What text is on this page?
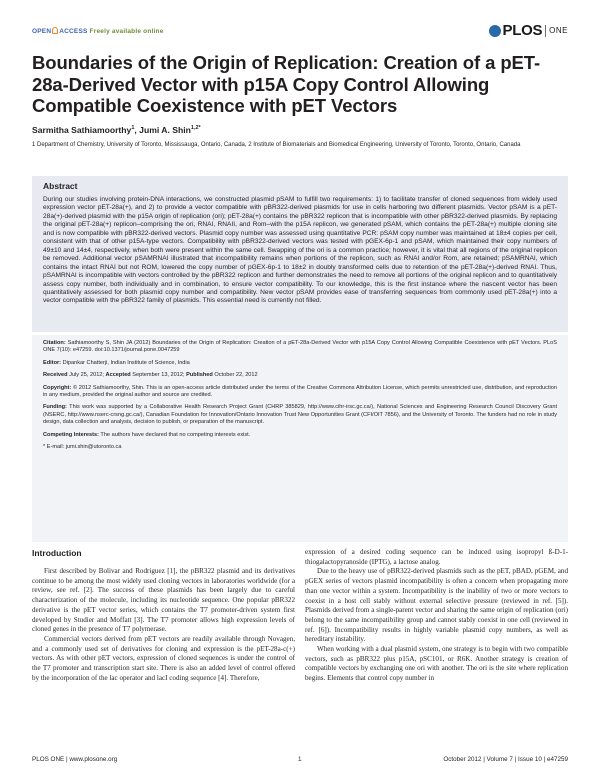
OPEN ACCESS Freely available online	PLOS ONE
Boundaries of the Origin of Replication: Creation of a pET-28a-Derived Vector with p15A Copy Control Allowing Compatible Coexistence with pET Vectors
Sarmitha Sathiamoorthy$^1$, Jumi A. Shin$^{1,2*}$
1 Department of Chemistry, University of Toronto, Mississauga, Ontario, Canada, 2 Institute of Biomaterials and Biomedical Engineering, University of Toronto, Toronto, Ontario, Canada
Abstract

During our studies involving protein-DNA interactions, we constructed plasmid pSAM to fulfill two requirements: 1) to facilitate transfer of cloned sequences from widely used expression vector pET-28a(+), and 2) to provide a vector compatible with pBR322-derived plasmids for use in cells harboring two different plasmids. Vector pSAM is a pET-28a(+)-derived plasmid with the p15A origin of replication (ori); pET-28a(+) contains the pBR322 replicon that is incompatible with other pBR322-derived plasmids. By replacing the original pET-28a(+) replicon–comprising the ori, RNAI, RNAII, and Rom–with the p15A replicon, we generated pSAM, which contains the pET-28a(+) multiple cloning site and is now compatible with pBR322-derived vectors. Plasmid copy number was assessed using quantitative PCR: pSAM copy number was maintained at 18±4 copies per cell, consistent with that of other p15A-type vectors. Compatibility with pBR322-derived vectors was tested with pGEX-6p-1 and pSAM, which maintained their copy numbers of 49±10 and 14±4, respectively, when both were present within the same cell. Swapping of the ori is a common practice; however, it is vital that all regions of the original replicon be removed. Additional vector pSAMRNAI illustrated that incompatibility remains when portions of the replicon, such as RNAI and/or Rom, are retained; pSAMRNAI, which contains the intact RNAI but not ROM, lowered the copy number of pGEX-6p-1 to 18±2 in doubly transformed cells due to retention of the pET-28a(+)-derived RNAI. Thus, pSAMRNAI is incompatible with vectors controlled by the pBR322 replicon and further demonstrates the need to remove all portions of the original replicon and to quantitatively assess copy number, both individually and in combination, to ensure vector compatibility. To our knowledge, this is the first instance where the nascent vector has been quantitatively assessed for both plasmid copy number and compatibility. New vector pSAM provides ease of transferring sequences from commonly used pET-28a(+) into a vector compatible with the pBR322 family of plasmids. This essential need is currently not filled.

Citation: Sathiamoorthy S, Shin JA (2012) Boundaries of the Origin of Replication: Creation of a pET-28a-Derived Vector with p15A Copy Control Allowing Compatible Coexistence with pET Vectors. PLoS ONE 7(10): e47259. doi:10.1371/journal.pone.0047259

Editor: Dipankar Chatterji, Indian Institute of Science, India

Received July 25, 2012; Accepted September 13, 2012; Published October 22, 2012

Copyright: © 2012 Sathiamoorthy, Shin. This is an open-access article distributed under the terms of the Creative Commons Attribution License, which permits unrestricted use, distribution, and reproduction in any medium, provided the original author and source are credited.

Funding: This work was supported by a Collaborative Health Research Project Grant (CHRP 385829, http://www.cihr-irsc.gc.ca/), National Sciences and Engineering Research Council Discovery Grant (NSERC, http://www.nserc-crsng.gc.ca/), Canadian Foundation for Innovation/Ontario Innovation Trust New Opportunities Grant (CFI/OIT 7856), and the University of Toronto. The funders had no role in study design, data collection and analysis, decision to publish, or preparation of the manuscript.

Competing Interests: The authors have declared that no competing interests exist.

* E-mail: jumi.shin@utoronto.ca

Introduction

First described by Bolivar and Rodriguez [1], the pBR322 plasmid and its derivatives continue to be among the most widely used cloning vectors in laboratories worldwide (for a review, see ref. [2]. The success of these plasmids has been largely due to careful characterization of the molecule, including its nucleotide sequence. One popular pBR322 derivative is the pET vector series, which contains the T7 promoter-driven system first developed by Studier and Moffatt [3]. The T7 promoter allows high expression levels of cloned genes in the presence of T7 polymerase.

Commercial vectors derived from pET vectors are readily available through Novagen, and a commonly used set of derivatives for cloning and expression is the pET-28a-c(+) vectors. As with other pET vectors, expression of cloned sequences is under the control of the T7 promoter and transcription start site. There is also an added level of control offered by the incorporation of the lac operator and lacI coding sequence [4]. Therefore,

expression of a desired coding sequence can be induced using isopropyl ß-D-1-thiogalactopyranoside (IPTG), a lactose analog.

Due to the heavy use of pBR322-derived plasmids such as the pET, pBAD, pGEM, and pGEX series of vectors plasmid incompatibility is often a concern when propagating more than one vector within a system. Incompatibility is the inability of two or more vectors to coexist in a host cell stably without external selective pressure (reviewed in ref. [5]). Plasmids derived from a single-parent vector and sharing the same origin of replication (ori) belong to the same incompatibility group and cannot stably coexist in one cell (reviewed in ref. [6]). Incompatibility results in highly variable plasmid copy numbers, as well as hereditary instability.

When working with a dual plasmid system, one strategy is to begin with two compatible vectors, such as pBR322 plus p15A, pSC101, or R6K. Another strategy is creation of compatible vectors by exchanging one ori with another. The ori is the site where replication begins. Elements that control copy number in

PLOS ONE | www.plosone.org	1	October 2012 | Volume 7 | Issue 10 | e47259
